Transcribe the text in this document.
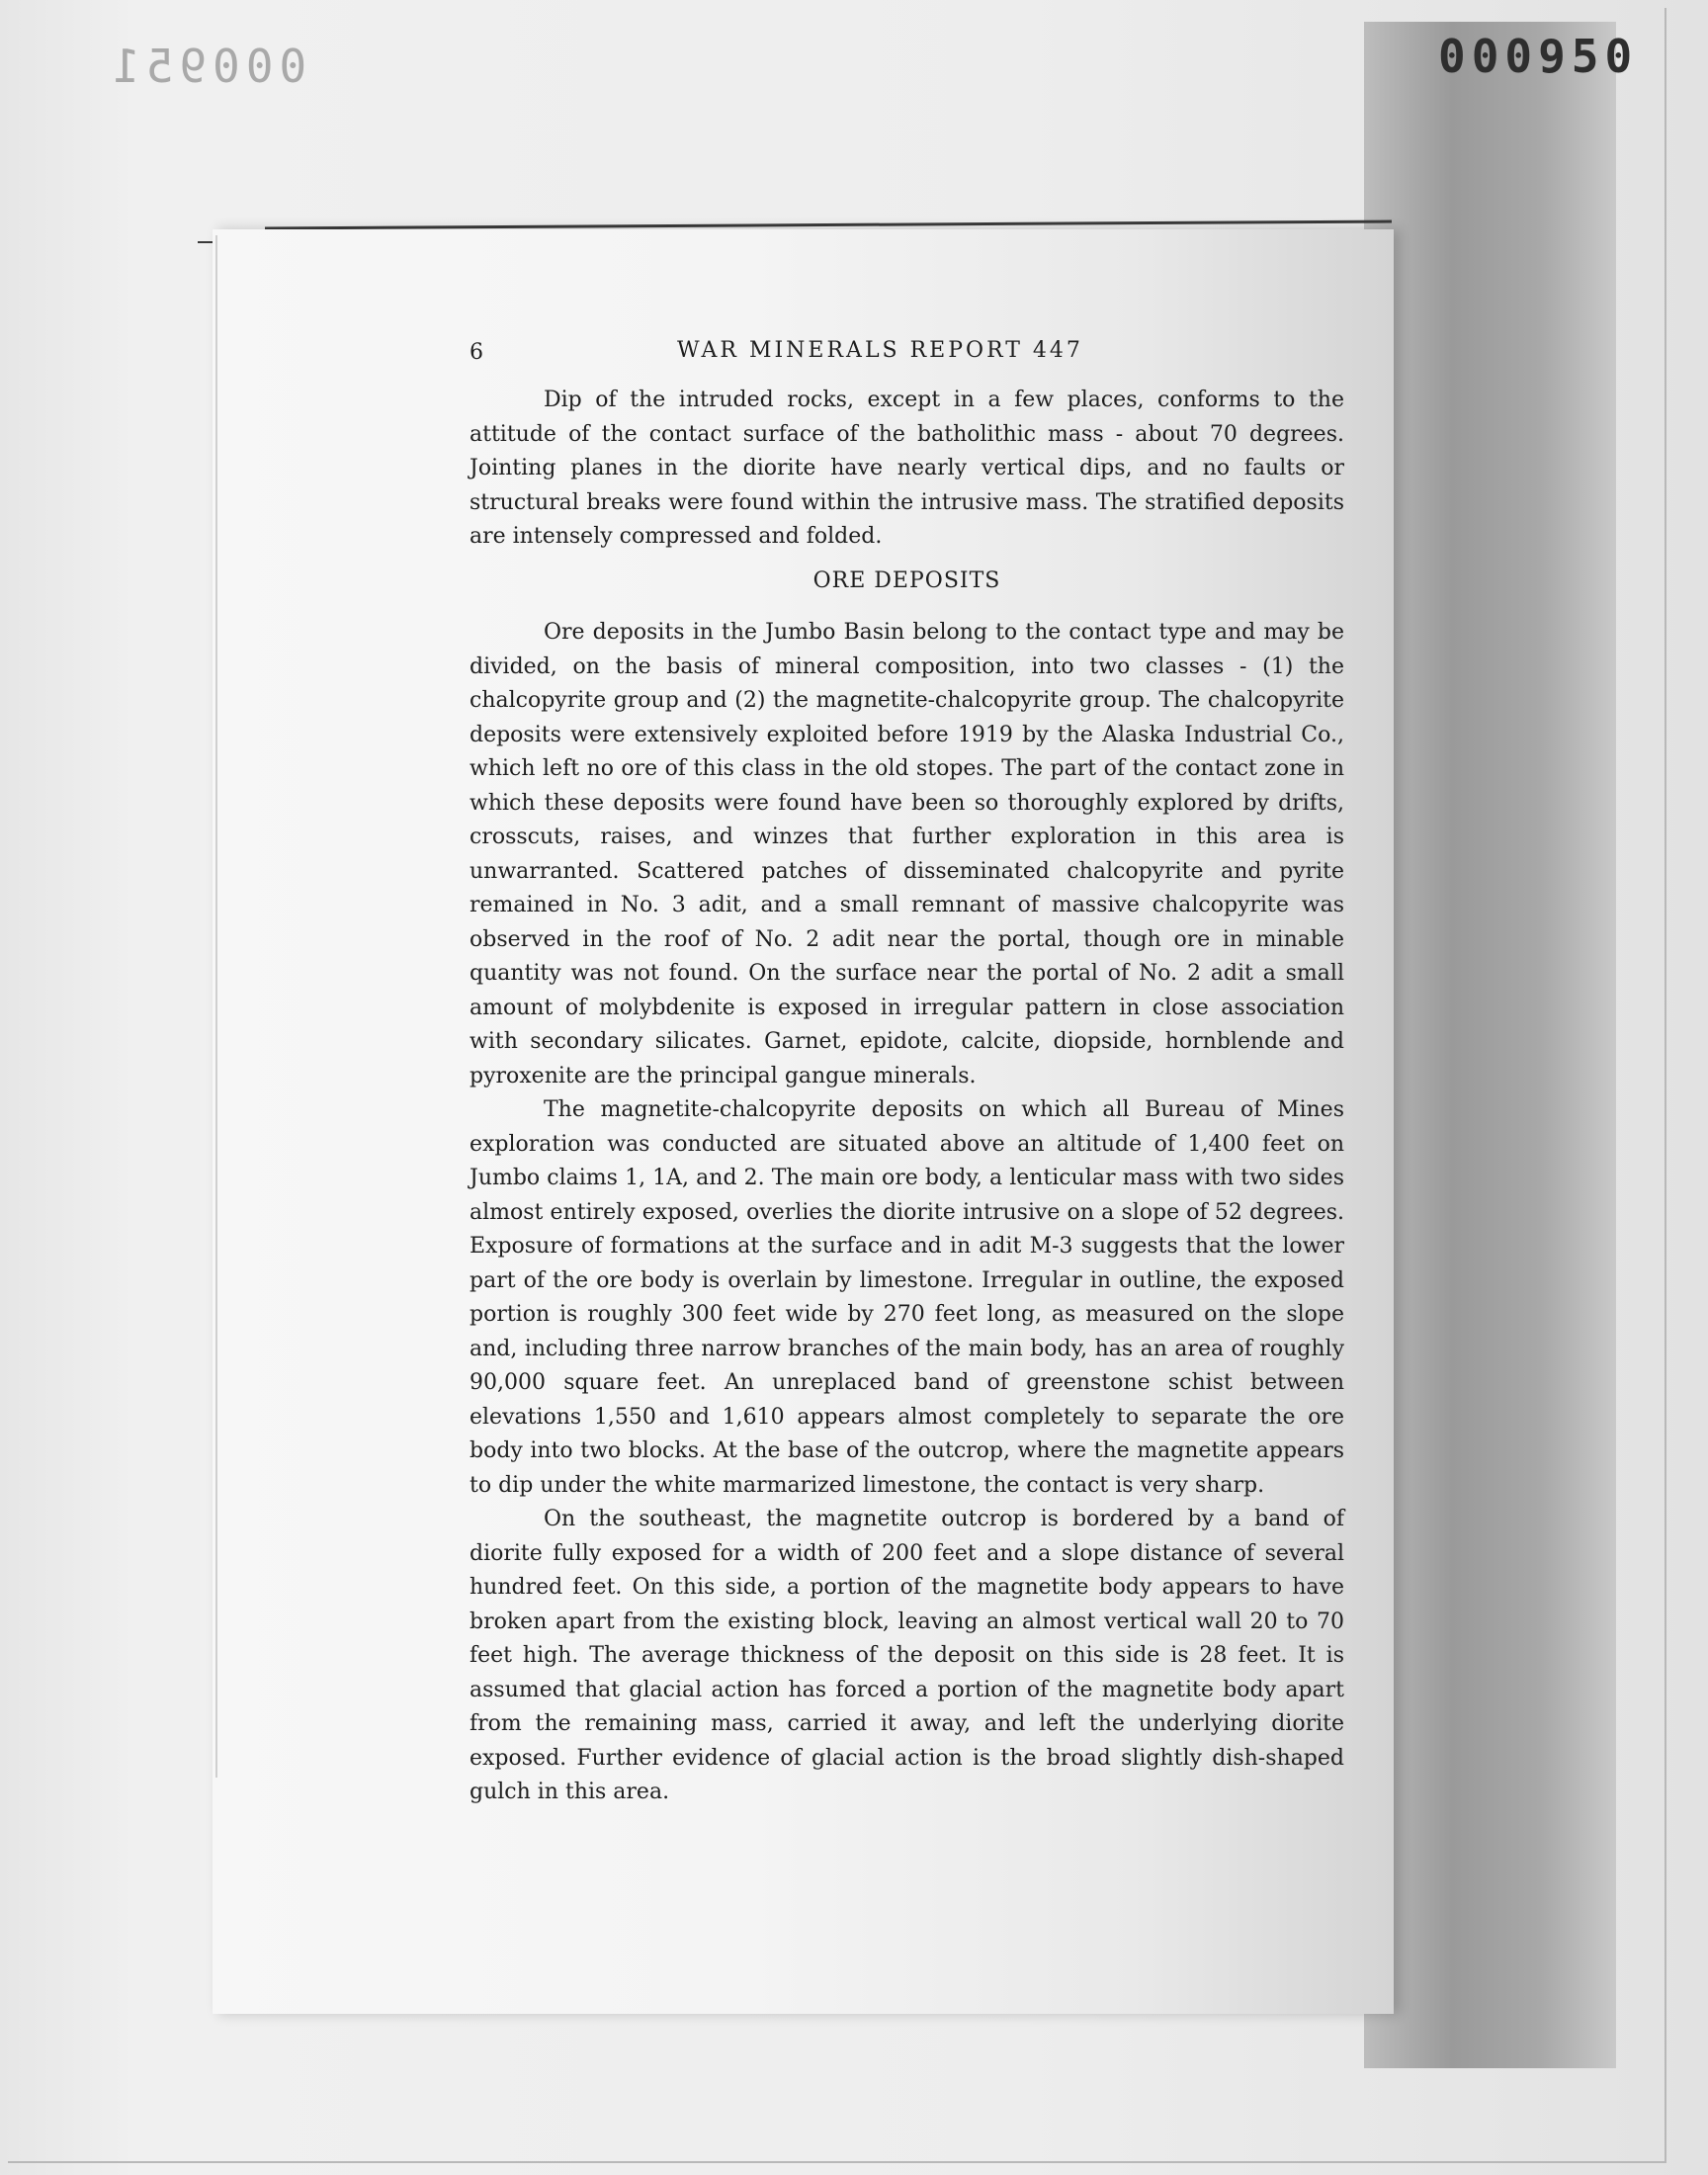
000951	000950
6	WAR MINERALS REPORT 447

Dip of the intruded rocks, except in a few places, conforms to the attitude of the contact surface of the batholithic mass - about 70 degrees. Jointing planes in the diorite have nearly vertical dips, and no faults or structural breaks were found within the intrusive mass. The stratified deposits are intensely compressed and folded.

ORE DEPOSITS

Ore deposits in the Jumbo Basin belong to the contact type and may be divided, on the basis of mineral composition, into two classes - (1) the chalcopyrite group and (2) the magnetite-chalcopyrite group. The chalcopyrite deposits were extensively exploited before 1919 by the Alaska Industrial Co., which left no ore of this class in the old stopes. The part of the contact zone in which these deposits were found have been so thoroughly explored by drifts, crosscuts, raises, and winzes that further exploration in this area is unwarranted. Scattered patches of disseminated chalcopyrite and pyrite remained in No. 3 adit, and a small remnant of massive chalcopyrite was observed in the roof of No. 2 adit near the portal, though ore in minable quantity was not found. On the surface near the portal of No. 2 adit a small amount of molybdenite is exposed in irregular pattern in close association with secondary silicates. Garnet, epidote, calcite, diopside, hornblende and pyroxenite are the principal gangue minerals.

The magnetite-chalcopyrite deposits on which all Bureau of Mines exploration was conducted are situated above an altitude of 1,400 feet on Jumbo claims 1, 1A, and 2. The main ore body, a lenticular mass with two sides almost entirely exposed, overlies the diorite intrusive on a slope of 52 degrees. Exposure of formations at the surface and in adit M-3 suggests that the lower part of the ore body is overlain by limestone. Irregular in outline, the exposed portion is roughly 300 feet wide by 270 feet long, as measured on the slope and, including three narrow branches of the main body, has an area of roughly 90,000 square feet. An unreplaced band of greenstone schist between elevations 1,550 and 1,610 appears almost completely to separate the ore body into two blocks. At the base of the outcrop, where the magnetite appears to dip under the white marmarized limestone, the contact is very sharp.

On the southeast, the magnetite outcrop is bordered by a band of diorite fully exposed for a width of 200 feet and a slope distance of several hundred feet. On this side, a portion of the magnetite body appears to have broken apart from the existing block, leaving an almost vertical wall 20 to 70 feet high. The average thickness of the deposit on this side is 28 feet. It is assumed that glacial action has forced a portion of the magnetite body apart from the remaining mass, carried it away, and left the underlying diorite exposed. Further evidence of glacial action is the broad slightly dish-shaped gulch in this area.
